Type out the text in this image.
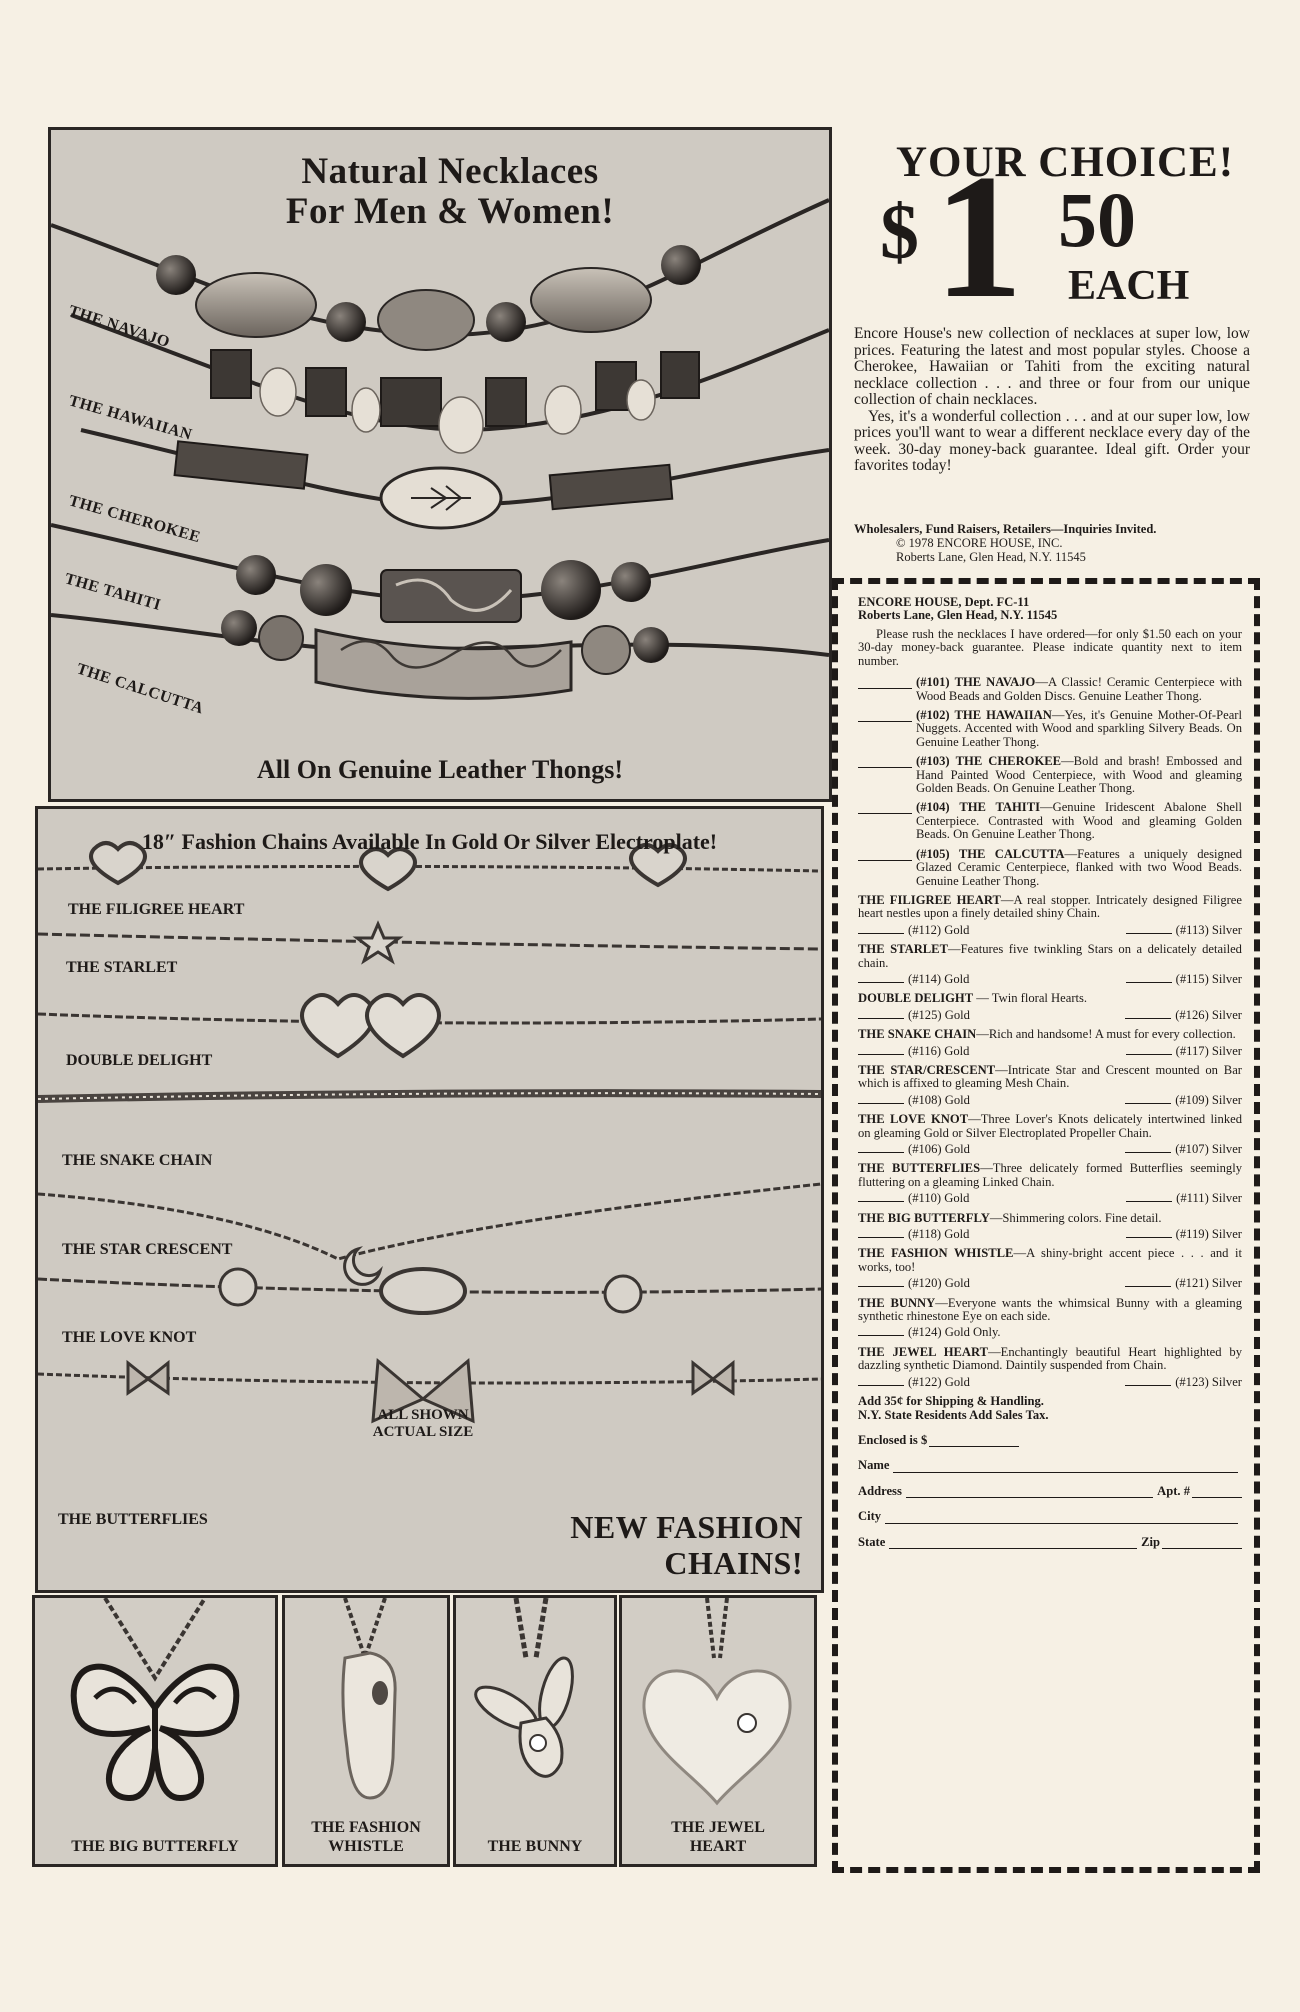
Natural Necklaces
For Men & Women!
THE NAVAJO
THE HAWAIIAN
THE CHEROKEE
THE TAHITI
THE CALCUTTA
All On Genuine Leather Thongs!
18″ Fashion Chains Available In Gold Or Silver Electroplate!
THE FILIGREE HEART
THE STARLET
DOUBLE DELIGHT
THE SNAKE CHAIN
THE STAR CRESCENT
THE LOVE KNOT
THE BUTTERFLIES
ALL SHOWN
ACTUAL SIZE
NEW FASHION
CHAINS!
THE BIG BUTTERFLY
THE FASHION
WHISTLE	THE BUNNY
THE JEWEL
HEART
YOUR CHOICE!
$ 1 50
EACH

Encore House's new collection of necklaces at super low, low prices. Featuring the latest and most popular styles. Choose a Cherokee, Hawaiian or Tahiti from the exciting natural necklace collection . . . and three or four from our unique collection of chain necklaces.

Yes, it's a wonderful collection . . . and at our super low, low prices you'll want to wear a different necklace every day of the week. 30-day money-back guarantee. Ideal gift. Order your favorites today!

Wholesalers, Fund Raisers, Retailers—Inquiries Invited.
© 1978 ENCORE HOUSE, INC.
Roberts Lane, Glen Head, N.Y. 11545
ENCORE HOUSE, Dept. FC-11
Roberts Lane, Glen Head, N.Y. 11545
Please rush the necklaces I have ordered—for only $1.50 each on your 30-day money-back guarantee. Please indicate quantity next to item number.
(#101) THE NAVAJO—A Classic! Ceramic Centerpiece with Wood Beads and Golden Discs. Genuine Leather Thong.
(#102) THE HAWAIIAN—Yes, it's Genuine Mother-Of-Pearl Nuggets. Accented with Wood and sparkling Silvery Beads. On Genuine Leather Thong.
(#103) THE CHEROKEE—Bold and brash! Embossed and Hand Painted Wood Centerpiece, with Wood and gleaming Golden Beads. On Genuine Leather Thong.
(#104) THE TAHITI—Genuine Iridescent Abalone Shell Centerpiece. Contrasted with Wood and gleaming Golden Beads. On Genuine Leather Thong.
(#105) THE CALCUTTA—Features a uniquely designed Glazed Ceramic Centerpiece, flanked with two Wood Beads. Genuine Leather Thong.
THE FILIGREE HEART—A real stopper. Intricately designed Filigree heart nestles upon a finely detailed shiny Chain.
(#112) Gold	(#113) Silver
THE STARLET—Features five twinkling Stars on a delicately detailed chain.
(#114) Gold	(#115) Silver
DOUBLE DELIGHT — Twin floral Hearts.
(#125) Gold	(#126) Silver
THE SNAKE CHAIN—Rich and handsome! A must for every collection.
(#116) Gold	(#117) Silver
THE STAR/CRESCENT—Intricate Star and Crescent mounted on Bar which is affixed to gleaming Mesh Chain.
(#108) Gold	(#109) Silver
THE LOVE KNOT—Three Lover's Knots delicately intertwined linked on gleaming Gold or Silver Electroplated Propeller Chain.
(#106) Gold	(#107) Silver
THE BUTTERFLIES—Three delicately formed Butterflies seemingly fluttering on a gleaming Linked Chain.
(#110) Gold	(#111) Silver
THE BIG BUTTERFLY—Shimmering colors. Fine detail.
(#118) Gold	(#119) Silver
THE FASHION WHISTLE—A shiny-bright accent piece . . . and it works, too!
(#120) Gold	(#121) Silver
THE BUNNY—Everyone wants the whimsical Bunny with a gleaming synthetic rhinestone Eye on each side.
(#124) Gold Only.
THE JEWEL HEART—Enchantingly beautiful Heart highlighted by dazzling synthetic Diamond. Daintily suspended from Chain.
(#122) Gold	(#123) Silver
Add 35¢ for Shipping & Handling.
N.Y. State Residents Add Sales Tax.
Enclosed is $
Name
Address	Apt. #
City
State	Zip
